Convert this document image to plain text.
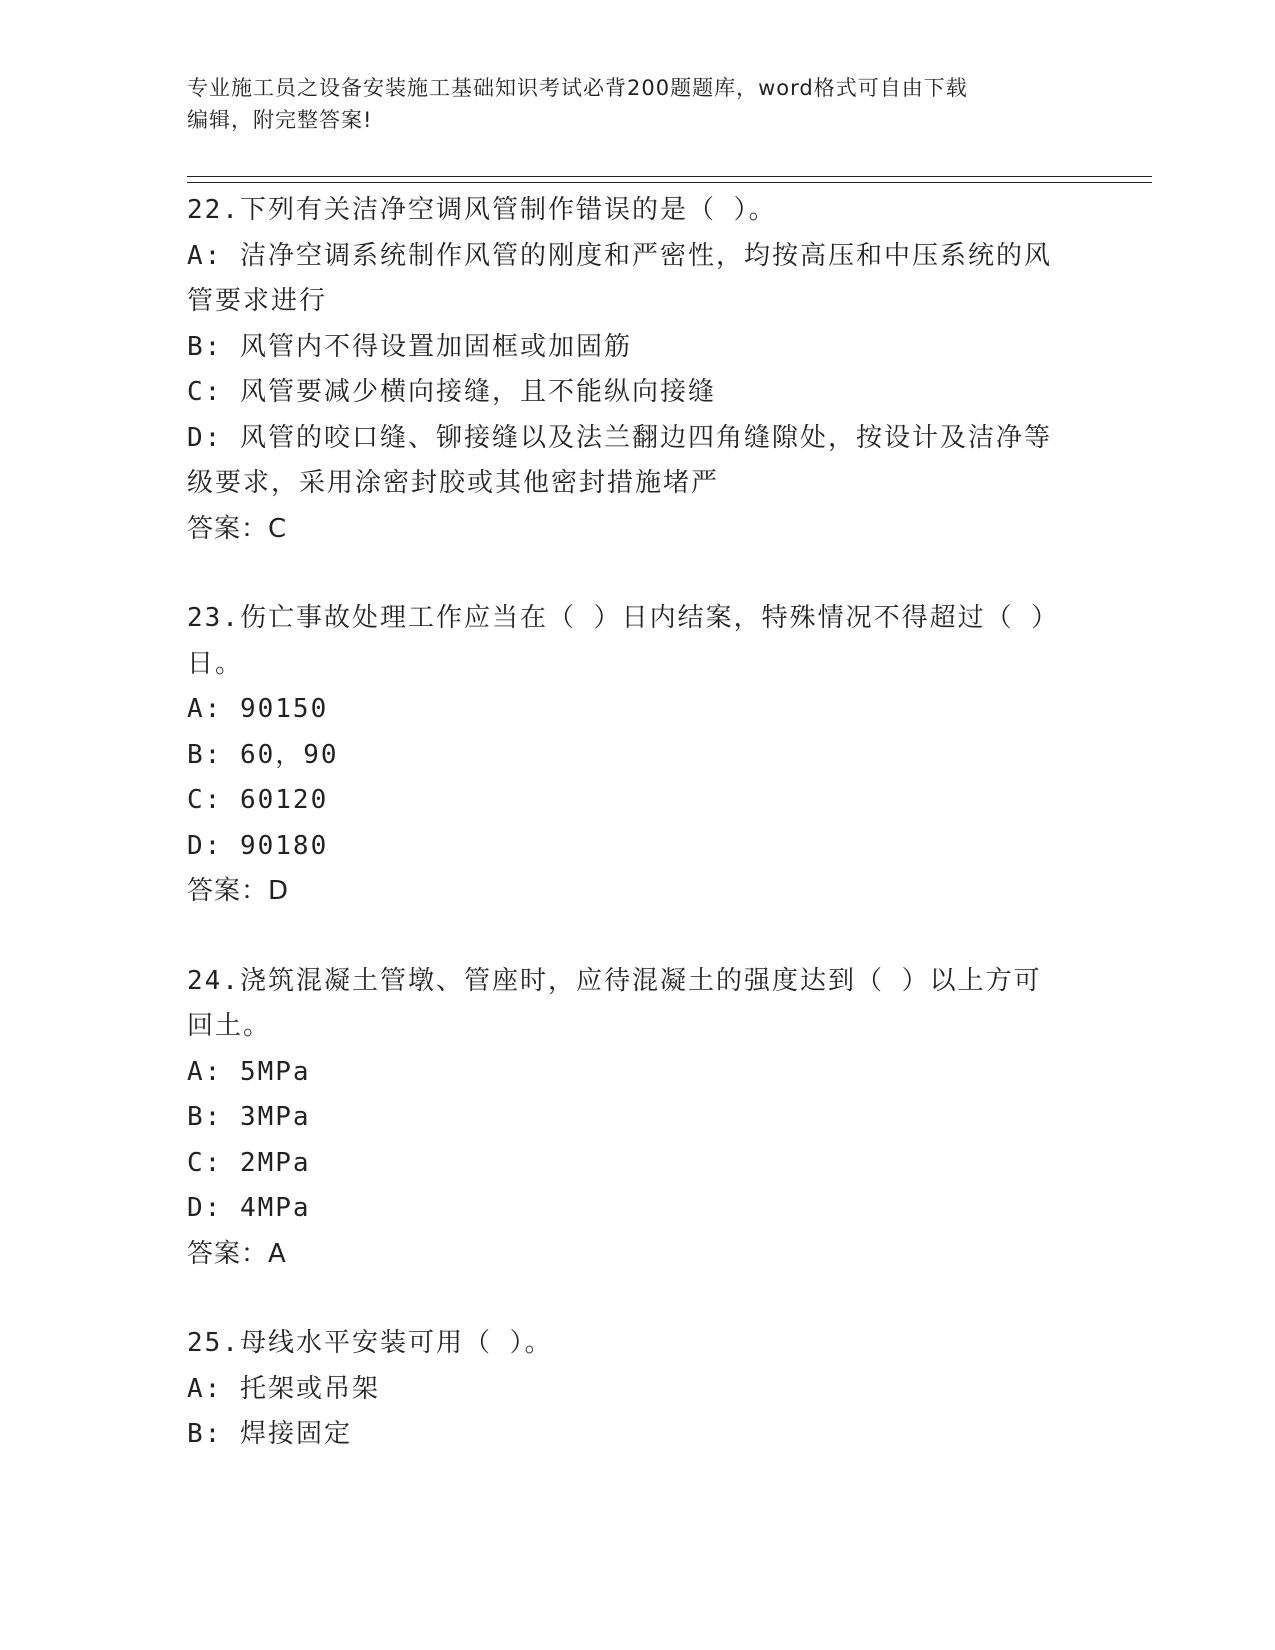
专业施工员之设备安装施工基础知识考试必背200题题库，word格式可自由下载
编辑，附完整答案!
22.下列有关洁净空调风管制作错误的是（ ）。
A: 洁净空调系统制作风管的刚度和严密性，均按高压和中压系统的风
管要求进行
B: 风管内不得设置加固框或加固筋
C: 风管要减少横向接缝，且不能纵向接缝
D: 风管的咬口缝、铆接缝以及法兰翻边四角缝隙处，按设计及洁净等
级要求，采用涂密封胶或其他密封措施堵严
答案：C
23.伤亡事故处理工作应当在（ ）日内结案，特殊情况不得超过（ ）
日。
A: 90150
B: 60，90
C: 60120
D: 90180
答案：D
24.浇筑混凝土管墩、管座时，应待混凝土的强度达到（ ）以上方可
回土。
A: 5MPa
B: 3MPa
C: 2MPa
D: 4MPa
答案：A
25.母线水平安装可用（ ）。
A: 托架或吊架
B: 焊接固定
